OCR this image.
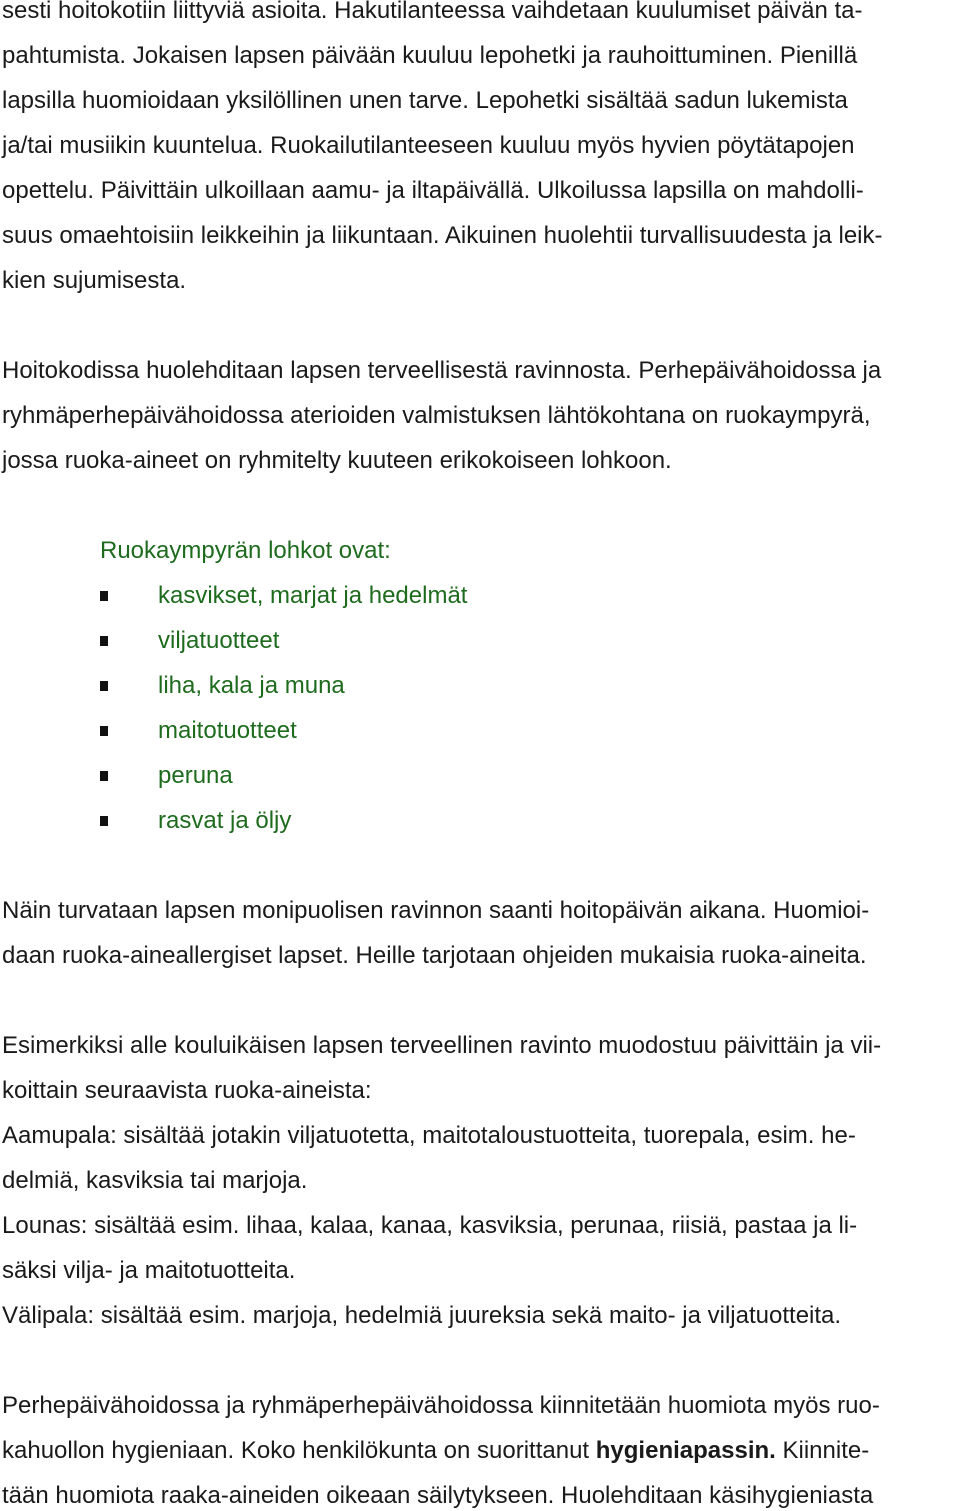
sesti hoitokotiin liittyviä asioita. Hakutilanteessa vaihdetaan kuulumiset päivän ta-
pahtumista. Jokaisen lapsen päivään kuuluu lepohetki ja rauhoittuminen. Pienillä
lapsilla huomioidaan yksilöllinen unen tarve. Lepohetki sisältää sadun lukemista
ja/tai musiikin kuuntelua. Ruokailutilanteeseen kuuluu myös hyvien pöytätapojen
opettelu. Päivittäin ulkoillaan aamu- ja iltapäivällä. Ulkoilussa lapsilla on mahdolli-
suus omaehtoisiin leikkeihin ja liikuntaan. Aikuinen huolehtii turvallisuudesta ja leik-
kien sujumisesta.
Hoitokodissa huolehditaan lapsen terveellisestä ravinnosta. Perhepäivähoidossa ja
ryhmäperhepäivähoidossa aterioiden valmistuksen lähtökohtana on ruokaympyrä,
jossa ruoka-aineet on ryhmitelty kuuteen erikokoiseen lohkoon.
Ruokaympyrän lohkot ovat:
kasvikset, marjat ja hedelmät
viljatuotteet
liha, kala ja muna
maitotuotteet
peruna
rasvat ja öljy
Näin turvataan lapsen monipuolisen ravinnon saanti hoitopäivän aikana. Huomioi-
daan ruoka-aineallergiset lapset. Heille tarjotaan ohjeiden mukaisia ruoka-aineita.
Esimerkiksi alle kouluikäisen lapsen terveellinen ravinto muodostuu päivittäin ja vii-
koittain seuraavista ruoka-aineista:
Aamupala: sisältää jotakin viljatuotetta, maitotaloustuotteita, tuorepala, esim. he-
delmiä, kasviksia tai marjoja.
Lounas: sisältää esim. lihaa, kalaa, kanaa, kasviksia, perunaa, riisiä, pastaa ja li-
säksi vilja- ja maitotuotteita.
Välipala: sisältää esim. marjoja, hedelmiä juureksia sekä maito- ja viljatuotteita.
Perhepäivähoidossa ja ryhmäperhepäivähoidossa kiinnitetään huomiota myös ruo-
kahuollon hygieniaan. Koko henkilökunta on suorittanut hygieniapassin. Kiinnite-
tään huomiota raaka-aineiden oikeaan säilytykseen. Huolehditaan käsihygieniasta
